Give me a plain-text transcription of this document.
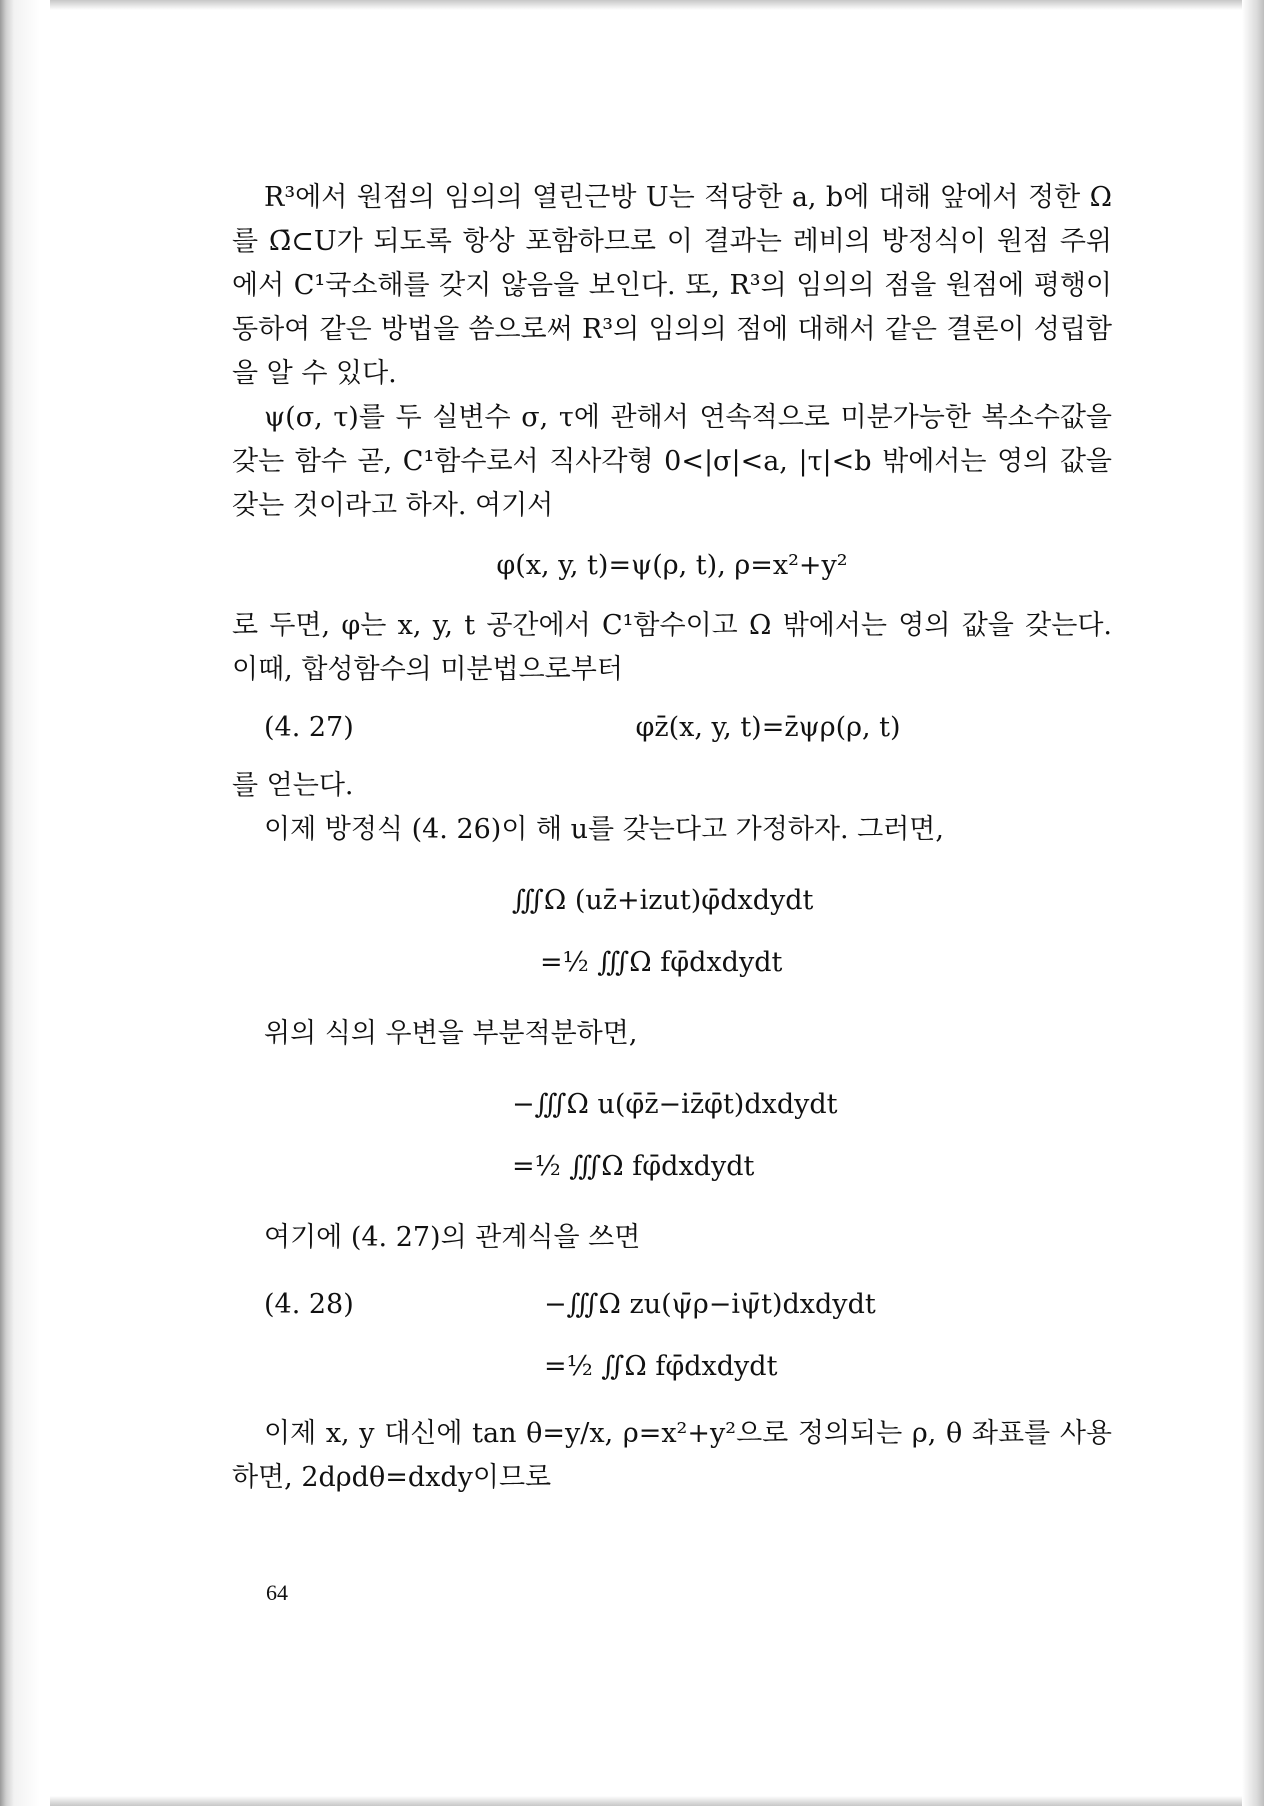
R³에서 원점의 임의의 열린근방 U는 적당한 a, b에 대해 앞에서 정한 Ω를 Ω̄⊂U가 되도록 항상 포함하므로 이 결과는 레비의 방정식이 원점 주위에서 C¹국소해를 갖지 않음을 보인다. 또, R³의 임의의 점을 원점에 평행이동하여 같은 방법을 씀으로써 R³의 임의의 점에 대해서 같은 결론이 성립함을 알 수 있다.

ψ(σ, τ)를 두 실변수 σ, τ에 관해서 연속적으로 미분가능한 복소수값을 갖는 함수 곧, C¹함수로서 직사각형 0<|σ|<a, |τ|<b 밖에서는 영의 값을 갖는 것이라고 하자. 여기서

φ(x, y, t)=ψ(ρ, t), ρ=x²+y²

로 두면, φ는 x, y, t 공간에서 C¹함수이고 Ω 밖에서는 영의 값을 갖는다. 이때, 합성함수의 미분법으로부터

(4. 27)	φz̄(x, y, t)=z̄ψρ(ρ, t)

를 얻는다.

이제 방정식 (4. 26)이 해 u를 갖는다고 가정하자. 그러면,

∭Ω (uz̄+izut)φ̄dxdydt
=½ ∭Ω fφ̄dxdydt

위의 식의 우변을 부분적분하면,

−∭Ω u(φ̄z̄−iz̄φ̄t)dxdydt
=½ ∭Ω fφ̄dxdydt

여기에 (4. 27)의 관계식을 쓰면

(4. 28)	−∭Ω zu(ψ̄ρ−iψ̄t)dxdydt
=½ ∬Ω fφ̄dxdydt

이제 x, y 대신에 tan θ=y/x, ρ=x²+y²으로 정의되는 ρ, θ 좌표를 사용하면, 2dρdθ=dxdy이므로

64
